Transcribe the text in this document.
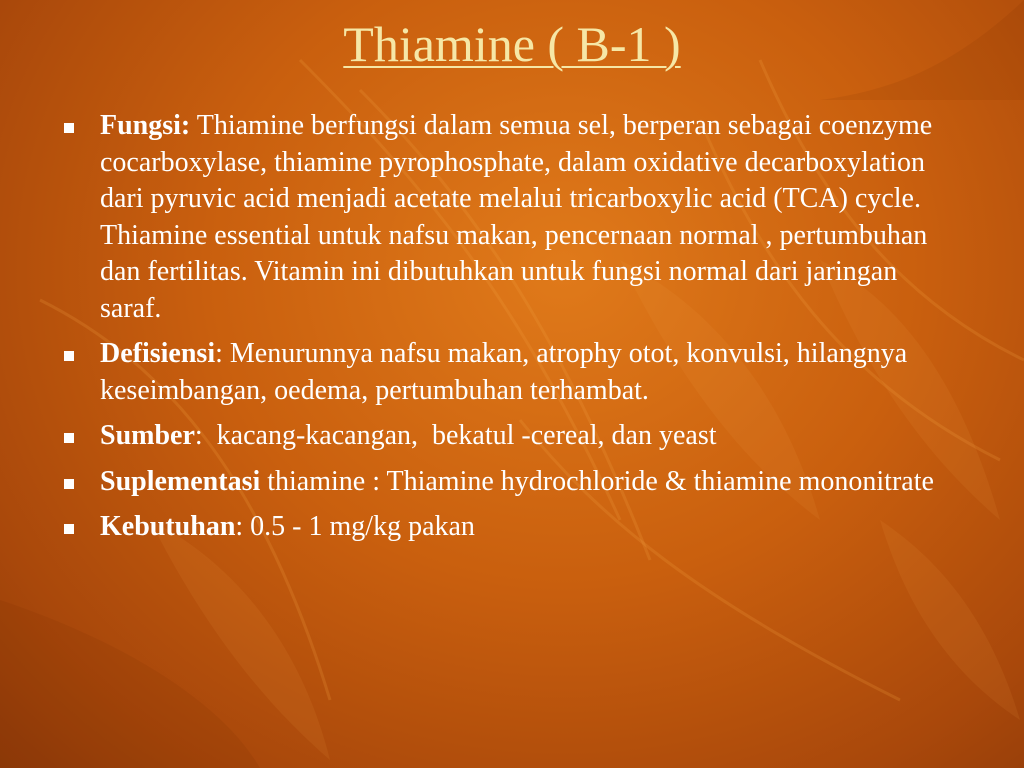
Thiamine ( B-1 )
Fungsi: Thiamine berfungsi dalam semua sel, berperan sebagai coenzyme cocarboxylase, thiamine pyrophosphate, dalam oxidative decarboxylation dari pyruvic acid menjadi acetate melalui tricarboxylic acid (TCA) cycle. Thiamine essential untuk nafsu makan, pencernaan normal , pertumbuhan dan fertilitas. Vitamin ini dibutuhkan untuk fungsi normal dari jaringan saraf.
Defisiensi: Menurunnya nafsu makan, atrophy otot, konvulsi, hilangnya keseimbangan, oedema, pertumbuhan terhambat.
Sumber:  kacang-kacangan,  bekatul -cereal, dan yeast
Suplementasi thiamine : Thiamine hydrochloride & thiamine mononitrate
Kebutuhan: 0.5 - 1 mg/kg pakan
